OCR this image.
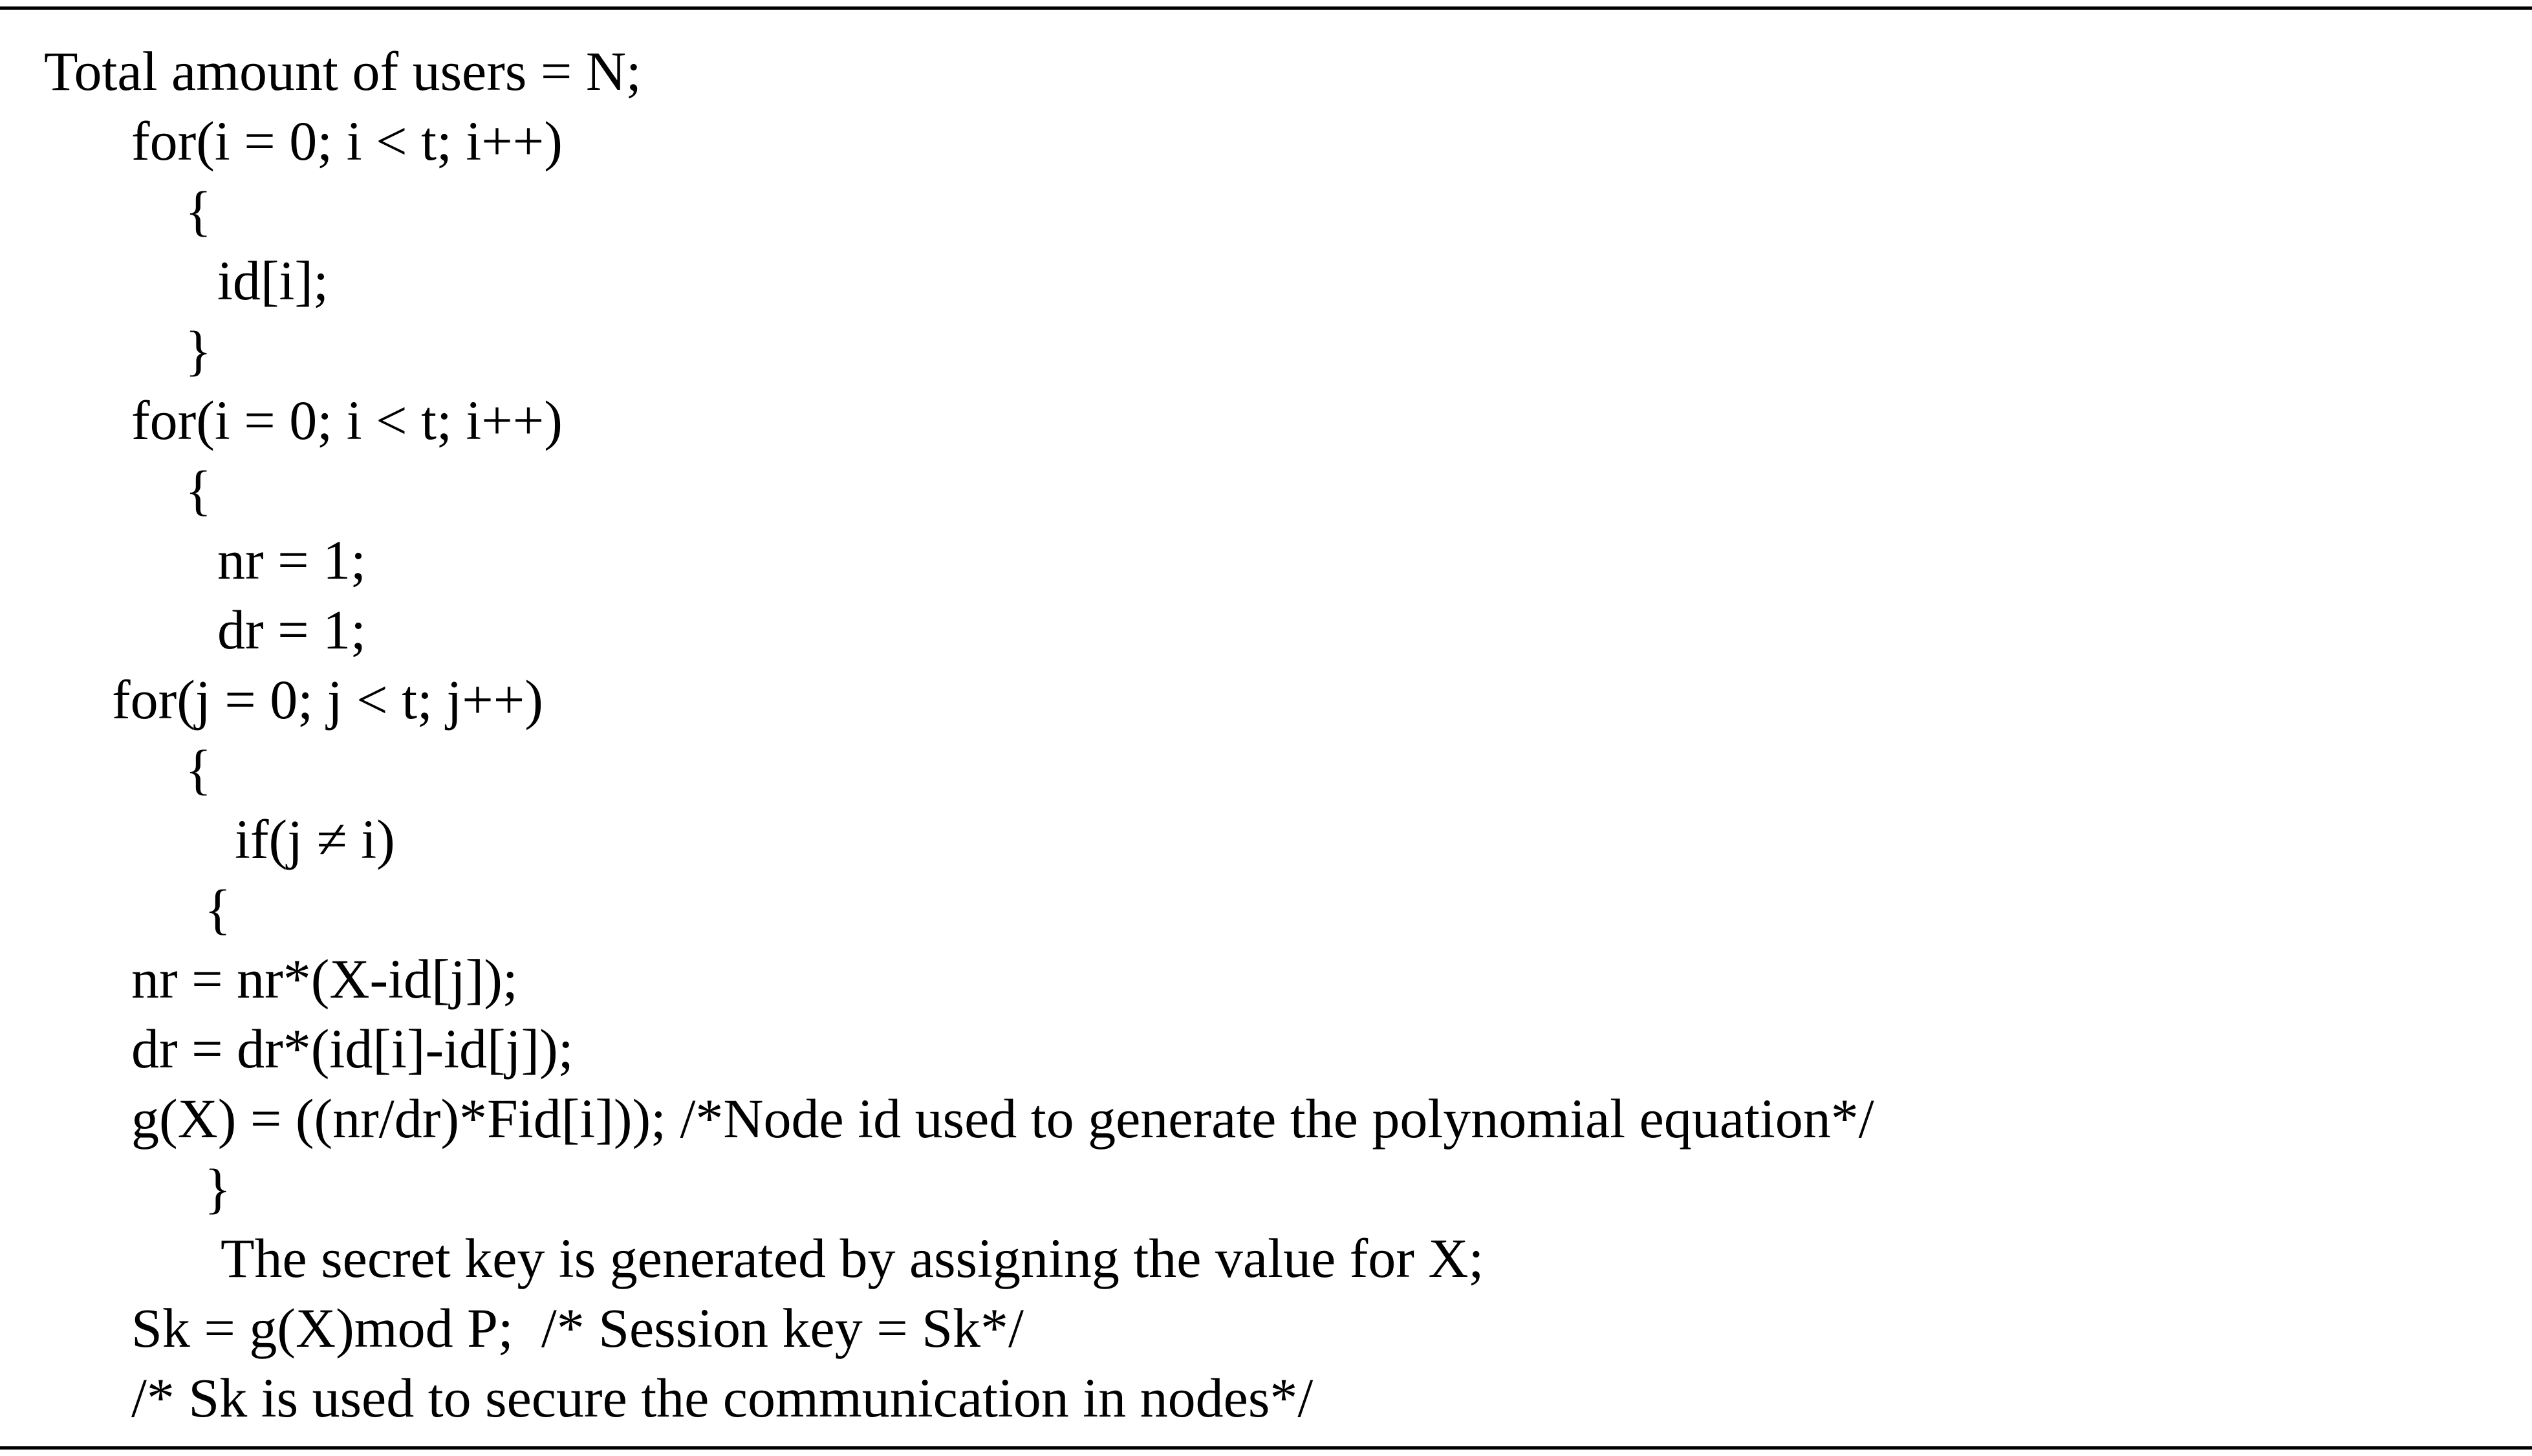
Total amount of users = N;
for(i = 0; i < t; i++)
{
id[i];
}
for(i = 0; i < t; i++)
{
nr = 1;
dr = 1;
for(j = 0; j < t; j++)
{
if(j ≠ i)
{
nr = nr*(X-id[j]);
dr = dr*(id[i]-id[j]);
g(X) = ((nr/dr)*Fid[i])); /*Node id used to generate the polynomial equation*/
}
The secret key is generated by assigning the value for X;
Sk = g(X)mod P;  /* Session key = Sk*/
/* Sk is used to secure the communication in nodes*/
